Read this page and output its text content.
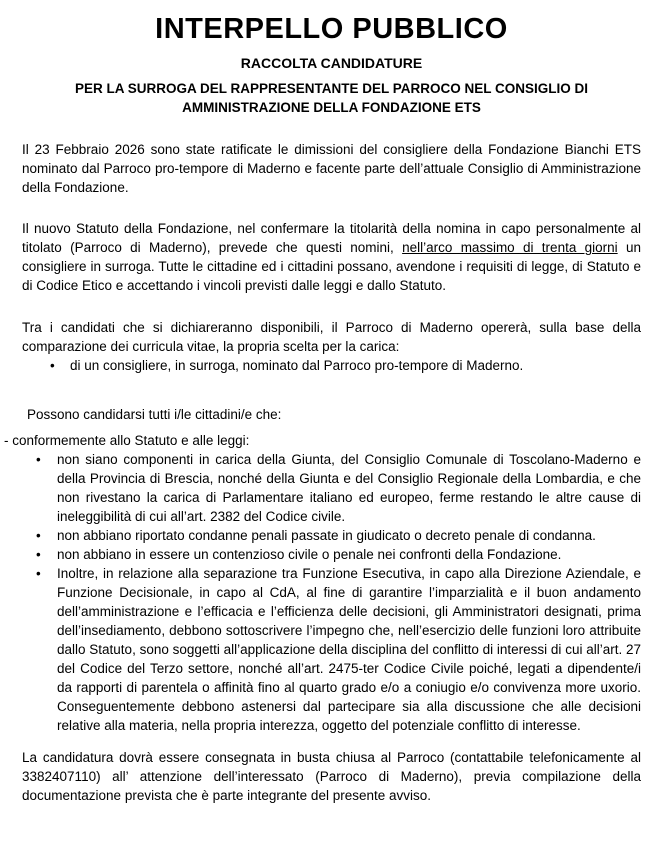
INTERPELLO PUBBLICO
RACCOLTA CANDIDATURE
PER LA SURROGA DEL RAPPRESENTANTE DEL PARROCO NEL CONSIGLIO DI AMMINISTRAZIONE DELLA FONDAZIONE ETS

Il 23 Febbraio 2026 sono state ratificate le dimissioni del consigliere della Fondazione Bianchi ETS nominato dal Parroco pro-tempore di Maderno e facente parte dell’attuale Consiglio di Amministrazione della Fondazione.

Il nuovo Statuto della Fondazione, nel confermare la titolarità della nomina in capo personalmente al titolato (Parroco di Maderno), prevede che questi nomini, nell’arco massimo di trenta giorni un consigliere in surroga. Tutte le cittadine ed i cittadini possano, avendone i requisiti di legge, di Statuto e di Codice Etico e accettando i vincoli previsti dalle leggi e dallo Statuto.

Tra i candidati che si dichiareranno disponibili, il Parroco di Maderno opererà, sulla base della comparazione dei curricula vitae, la propria scelta per la carica:

• di un consigliere, in surroga, nominato dal Parroco pro-tempore di Maderno.

Possono candidarsi tutti i/le cittadini/e che:

- conformemente allo Statuto e alle leggi:

• non siano componenti in carica della Giunta, del Consiglio Comunale di Toscolano-Maderno e della Provincia di Brescia, nonché della Giunta e del Consiglio Regionale della Lombardia, e che non rivestano la carica di Parlamentare italiano ed europeo, ferme restando le altre cause di ineleggibilità di cui all’art. 2382 del Codice civile.
• non abbiano riportato condanne penali passate in giudicato o decreto penale di condanna.
• non abbiano in essere un contenzioso civile o penale nei confronti della Fondazione.
• Inoltre, in relazione alla separazione tra Funzione Esecutiva, in capo alla Direzione Aziendale, e Funzione Decisionale, in capo al CdA, al fine di garantire l’imparzialità e il buon andamento dell’amministrazione e l’efficacia e l’efficienza delle decisioni, gli Amministratori designati, prima dell’insediamento, debbono sottoscrivere l’impegno che, nell’esercizio delle funzioni loro attribuite dallo Statuto, sono soggetti all’applicazione della disciplina del conflitto di interessi di cui all’art. 27 del Codice del Terzo settore, nonché all’art. 2475-ter Codice Civile poiché, legati a dipendente/i da rapporti di parentela o affinità fino al quarto grado e/o a coniugio e/o convivenza more uxorio. Conseguentemente debbono astenersi dal partecipare sia alla discussione che alle decisioni relative alla materia, nella propria interezza, oggetto del potenziale conflitto di interesse.

La candidatura dovrà essere consegnata in busta chiusa al Parroco (contattabile telefonicamente al 3382407110) all’ attenzione dell’interessato (Parroco di Maderno), previa compilazione della documentazione prevista che è parte integrante del presente avviso.
